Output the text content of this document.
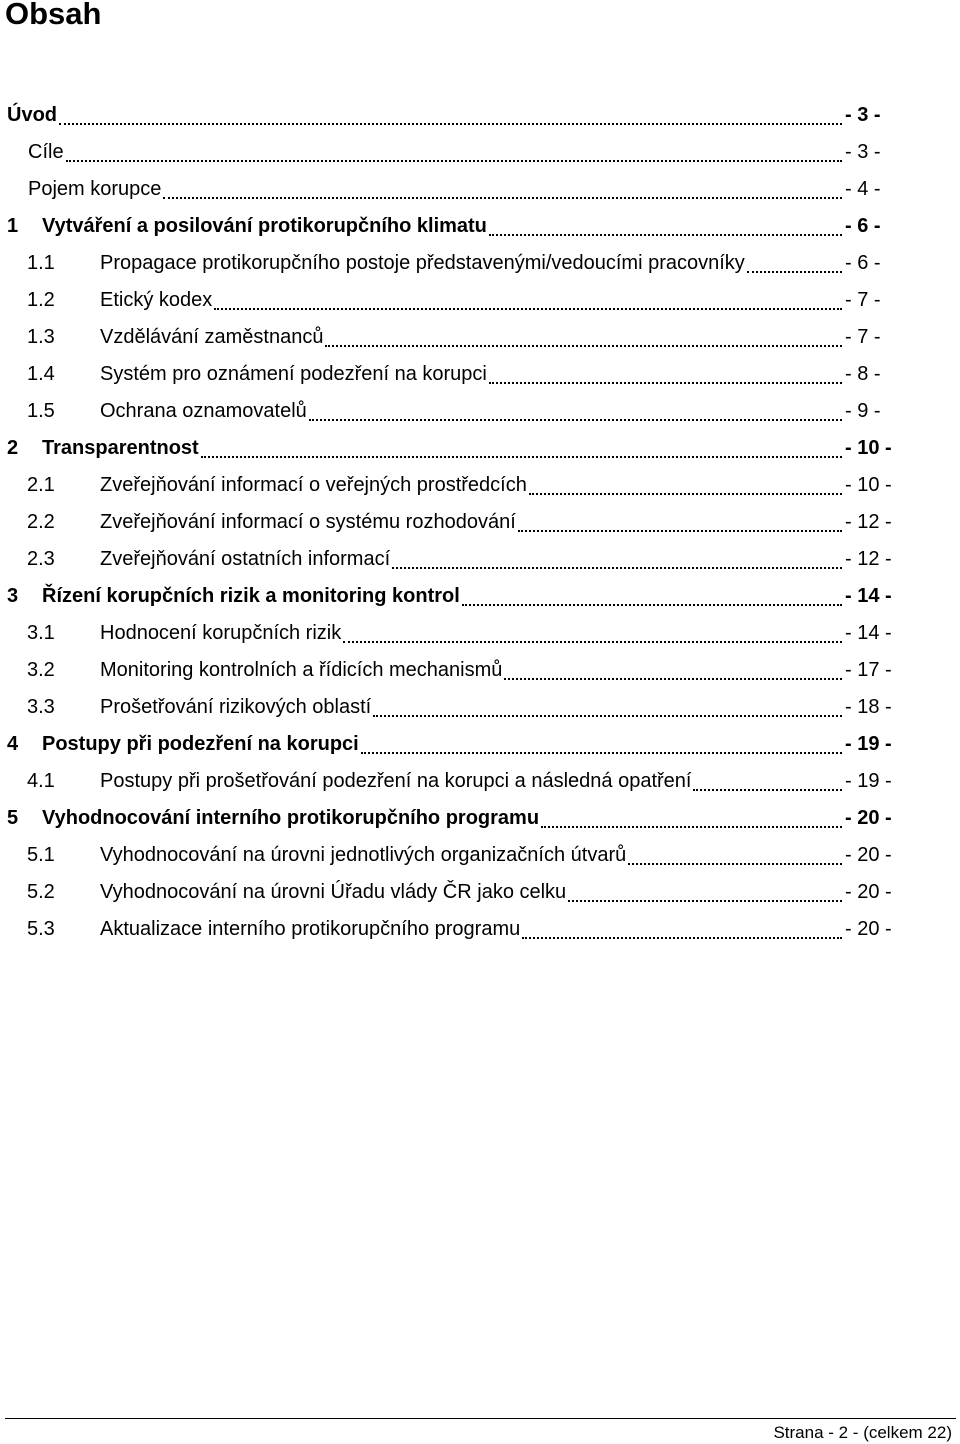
Obsah
Úvod	- 3 -
Cíle	- 3 -
Pojem korupce	- 4 -
1 Vytváření a posilování protikorupčního klimatu	- 6 -
1.1 Propagace protikorupčního postoje představenými/vedoucími pracovníky	- 6 -
1.2 Etický kodex	- 7 -
1.3 Vzdělávání zaměstnanců	- 7 -
1.4 Systém pro oznámení podezření na korupci	- 8 -
1.5 Ochrana oznamovatelů	- 9 -
2 Transparentnost	- 10 -
2.1 Zveřejňování informací o veřejných prostředcích	- 10 -
2.2 Zveřejňování informací o systému rozhodování	- 12 -
2.3 Zveřejňování ostatních informací	- 12 -
3 Řízení korupčních rizik a monitoring kontrol	- 14 -
3.1 Hodnocení korupčních rizik	- 14 -
3.2 Monitoring kontrolních a řídicích mechanismů	- 17 -
3.3 Prošetřování rizikových oblastí	- 18 -
4 Postupy při podezření na korupci	- 19 -
4.1 Postupy při prošetřování podezření na korupci a následná opatření	- 19 -
5 Vyhodnocování interního protikorupčního programu	- 20 -
5.1 Vyhodnocování na úrovni jednotlivých organizačních útvarů	- 20 -
5.2 Vyhodnocování na úrovni Úřadu vlády ČR jako celku	- 20 -
5.3 Aktualizace interního protikorupčního programu	- 20 -
Strana - 2 - (celkem 22)
